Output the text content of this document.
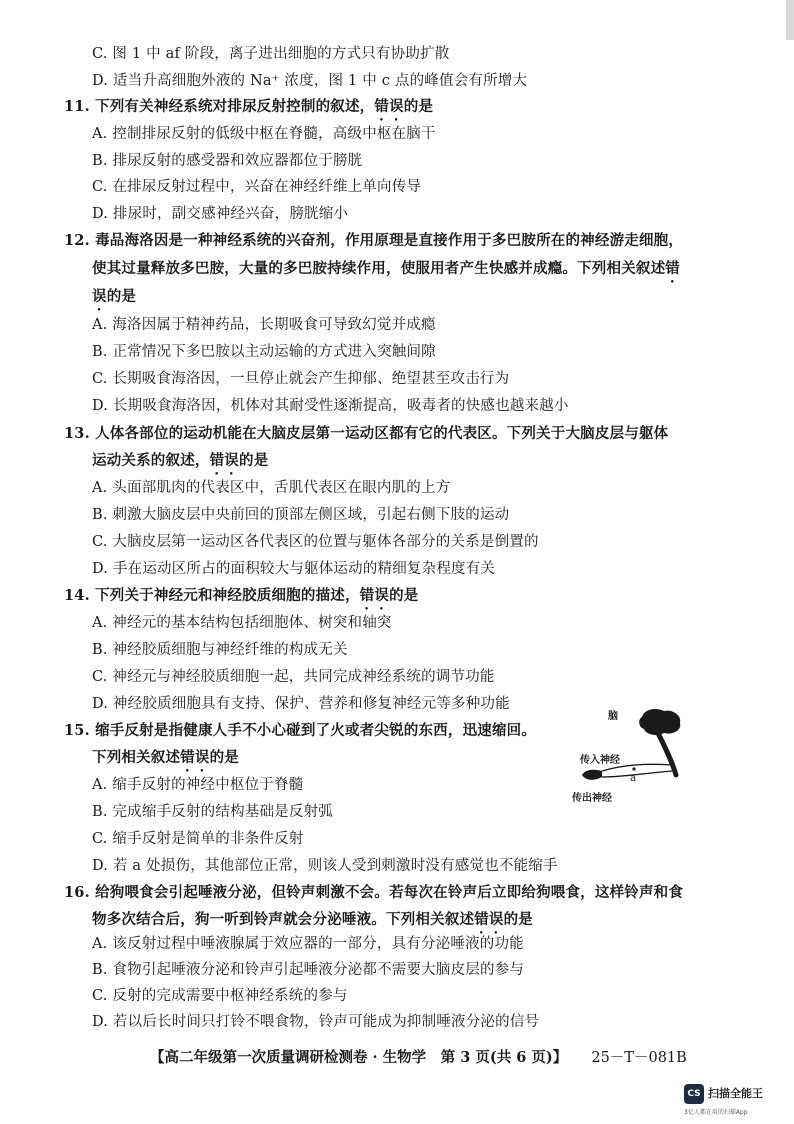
C. 图 1 中 af 阶段，离子进出细胞的方式只有协助扩散
D. 适当升高细胞外液的 Na⁺ 浓度，图 1 中 c 点的峰值会有所增大
11. 下列有关神经系统对排尿反射控制的叙述，错误的是
A. 控制排尿反射的低级中枢在脊髓，高级中枢在脑干
B. 排尿反射的感受器和效应器都位于膀胱
C. 在排尿反射过程中，兴奋在神经纤维上单向传导
D. 排尿时，副交感神经兴奋，膀胱缩小
12. 毒品海洛因是一种神经系统的兴奋剂，作用原理是直接作用于多巴胺所在的神经游走细胞，
使其过量释放多巴胺，大量的多巴胺持续作用，使服用者产生快感并成瘾。下列相关叙述错
误的是
A. 海洛因属于精神药品，长期吸食可导致幻觉并成瘾
B. 正常情况下多巴胺以主动运输的方式进入突触间隙
C. 长期吸食海洛因，一旦停止就会产生抑郁、绝望甚至攻击行为
D. 长期吸食海洛因，机体对其耐受性逐渐提高，吸毒者的快感也越来越小
13. 人体各部位的运动机能在大脑皮层第一运动区都有它的代表区。下列关于大脑皮层与躯体
运动关系的叙述，错误的是
A. 头面部肌肉的代表区中，舌肌代表区在眼内肌的上方
B. 刺激大脑皮层中央前回的顶部左侧区域，引起右侧下肢的运动
C. 大脑皮层第一运动区各代表区的位置与躯体各部分的关系是倒置的
D. 手在运动区所占的面积较大与躯体运动的精细复杂程度有关
14. 下列关于神经元和神经胶质细胞的描述，错误的是
A. 神经元的基本结构包括细胞体、树突和轴突
B. 神经胶质细胞与神经纤维的构成无关
C. 神经元与神经胶质细胞一起，共同完成神经系统的调节功能
D. 神经胶质细胞具有支持、保护、营养和修复神经元等多种功能
15. 缩手反射是指健康人手不小心碰到了火或者尖锐的东西，迅速缩回。
下列相关叙述错误的是
A. 缩手反射的神经中枢位于脊髓
B. 完成缩手反射的结构基础是反射弧
C. 缩手反射是简单的非条件反射
D. 若 a 处损伤，其他部位正常，则该人受到刺激时没有感觉也不能缩手
脑
传入神经
a
传出神经
16. 给狗喂食会引起唾液分泌，但铃声刺激不会。若每次在铃声后立即给狗喂食，这样铃声和食
物多次结合后，狗一听到铃声就会分泌唾液。下列相关叙述错误的是
A. 该反射过程中唾液腺属于效应器的一部分，具有分泌唾液的功能
B. 食物引起唾液分泌和铃声引起唾液分泌都不需要大脑皮层的参与
C. 反射的完成需要中枢神经系统的参与
【高二年级第一次质量调研检测卷 · 生物学　第 3 页(共 6 页)】 25－T－081B
CS 扫描全能王
3亿人都在用的扫描App
D. 若以后长时间只打铃不喂食物，铃声可能成为抑制唾液分泌的信号
